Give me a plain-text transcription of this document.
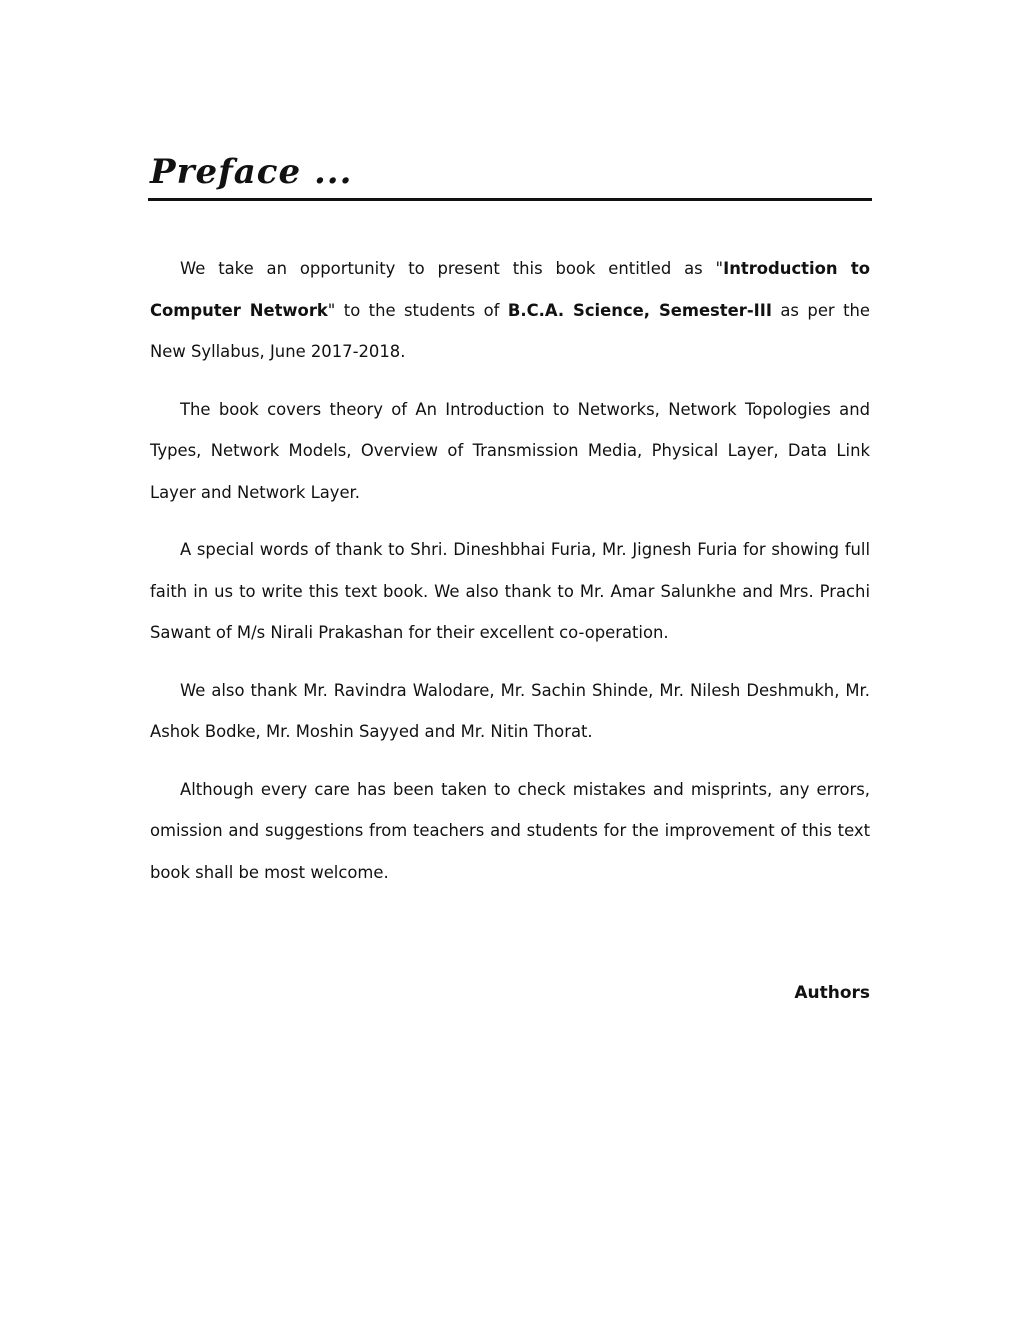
Preface ...

We take an opportunity to present this book entitled as "Introduction to Computer Network" to the students of B.C.A. Science, Semester-III as per the New Syllabus, June 2017-2018.

The book covers theory of An Introduction to Networks, Network Topologies and Types, Network Models, Overview of Transmission Media, Physical Layer, Data Link Layer and Network Layer.

A special words of thank to Shri. Dineshbhai Furia, Mr. Jignesh Furia for showing full faith in us to write this text book. We also thank to Mr. Amar Salunkhe and Mrs. Prachi Sawant of M/s Nirali Prakashan for their excellent co-operation.

We also thank Mr. Ravindra Walodare, Mr. Sachin Shinde, Mr. Nilesh Deshmukh, Mr. Ashok Bodke, Mr. Moshin Sayyed and Mr. Nitin Thorat.

Although every care has been taken to check mistakes and misprints, any errors, omission and suggestions from teachers and students for the improvement of this text book shall be most welcome.

Authors
